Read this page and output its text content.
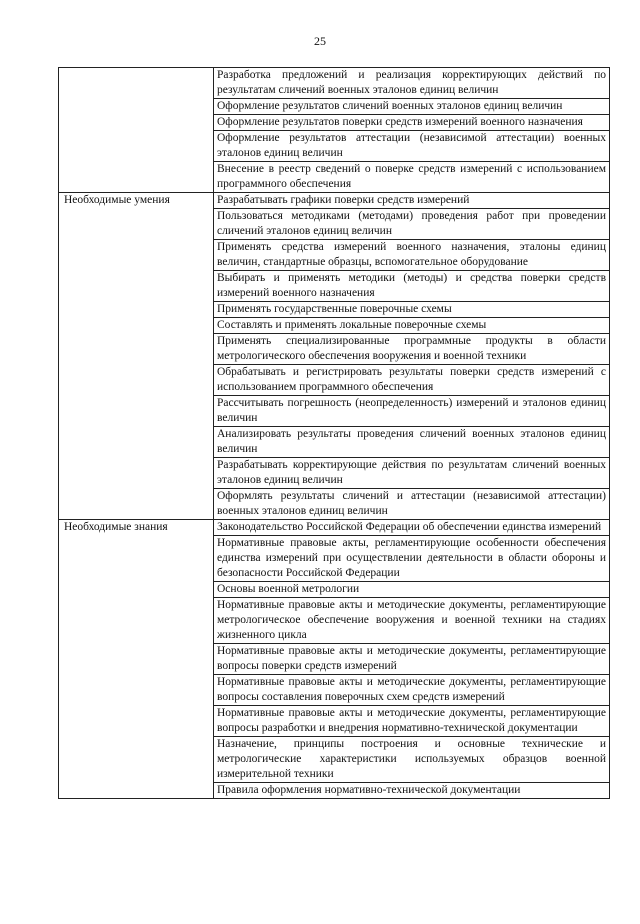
25

	Разработка предложений и реализация корректирующих действий по результатам сличений военных эталонов единиц величин

	Оформление результатов сличений военных эталонов единиц величин

	Оформление результатов поверки средств измерений военного назначения

	Оформление результатов аттестации (независимой аттестации) военных эталонов единиц величин

	Внесение в реестр сведений о поверке средств измерений с использованием программного обеспечения

Необходимые умения	Разрабатывать графики поверки средств измерений

	Пользоваться методиками (методами) проведения работ при проведении сличений эталонов единиц величин

	Применять средства измерений военного назначения, эталоны единиц величин, стандартные образцы, вспомогательное оборудование

	Выбирать и применять методики (методы) и средства поверки средств измерений военного назначения

	Применять государственные поверочные схемы

	Составлять и применять локальные поверочные схемы

	Применять специализированные программные продукты в области метрологического обеспечения вооружения и военной техники

	Обрабатывать и регистрировать результаты поверки средств измерений с использованием программного обеспечения

	Рассчитывать погрешность (неопределенность) измерений и эталонов единиц величин

	Анализировать результаты проведения сличений военных эталонов единиц величин

	Разрабатывать корректирующие действия по результатам сличений военных эталонов единиц величин

	Оформлять результаты сличений и аттестации (независимой аттестации) военных эталонов единиц величин

Необходимые знания	Законодательство Российской Федерации об обеспечении единства измерений

	Нормативные правовые акты, регламентирующие особенности обеспечения единства измерений при осуществлении деятельности в области обороны и безопасности Российской Федерации

	Основы военной метрологии

	Нормативные правовые акты и методические документы, регламентирующие метрологическое обеспечение вооружения и военной техники на стадиях жизненного цикла

	Нормативные правовые акты и методические документы, регламентирующие вопросы поверки средств измерений

	Нормативные правовые акты и методические документы, регламентирующие вопросы составления поверочных схем средств измерений

	Нормативные правовые акты и методические документы, регламентирующие вопросы разработки и внедрения нормативно-технической документации

	Назначение, принципы построения и основные технические и метрологические характеристики используемых образцов военной измерительной техники

	Правила оформления нормативно-технической документации
